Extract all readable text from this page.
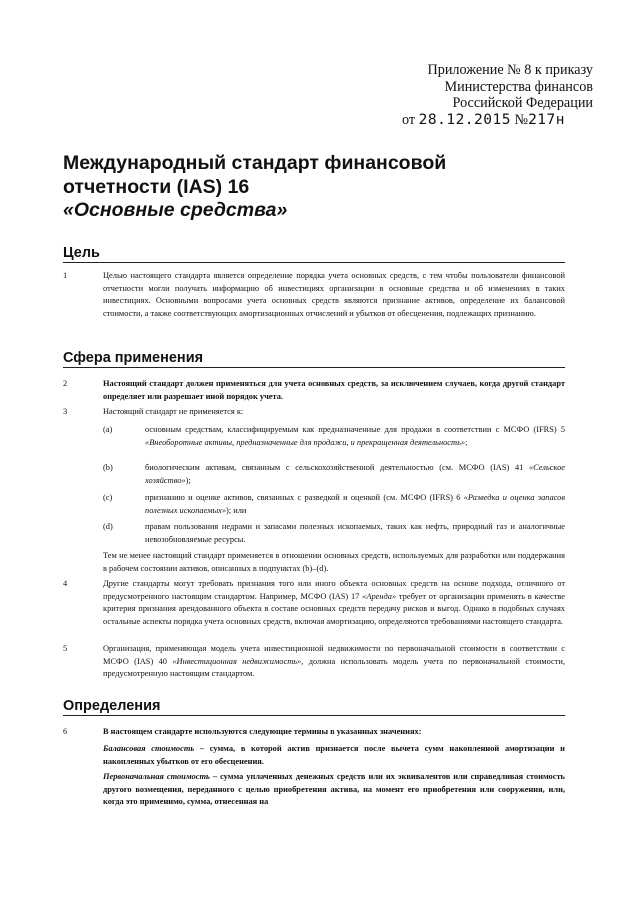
Приложение № 8 к приказу
Министерства финансов
Российской Федерации
от 28.12.2015 №217н
Международный стандарт финансовой
отчетности (IAS) 16
«Основные средства»
Цель
1	Целью настоящего стандарта является определение порядка учета основных средств, с тем чтобы пользователи финансовой отчетности могли получать информацию об инвестициях организации в основные средства и об изменениях в таких инвестициях. Основными вопросами учета основных средств являются признание активов, определение их балансовой стоимости, а также соответствующих амортизационных отчислений и убытков от обесценения, подлежащих признанию.
Сфера применения
2	Настоящий стандарт должен применяться для учета основных средств, за исключением случаев, когда другой стандарт определяет или разрешает иной порядок учета.
3	Настоящий стандарт не применяется к:
(a)	основным средствам, классифицируемым как предназначенные для продажи в соответствии с МСФО (IFRS) 5 «Внеоборотные активы, предназначенные для продажи, и прекращенная деятельность»;
(b)	биологическим активам, связанным с сельскохозяйственной деятельностью (см. МСФО (IAS) 41 «Сельское хозяйство»);
(c)	признанию и оценке активов, связанных с разведкой и оценкой (см. МСФО (IFRS) 6 «Разведка и оценка запасов полезных ископаемых»); или
(d)	правам пользования недрами и запасами полезных ископаемых, таких как нефть, природный газ и аналогичные невозобновляемые ресурсы.
Тем не менее настоящий стандарт применяется в отношении основных средств, используемых для разработки или поддержания в рабочем состоянии активов, описанных в подпунктах (b)–(d).
4	Другие стандарты могут требовать признания того или иного объекта основных средств на основе подхода, отличного от предусмотренного настоящим стандартом. Например, МСФО (IAS) 17 «Аренда» требует от организации применять в качестве критерия признания арендованного объекта в составе основных средств передачу рисков и выгод. Однако в подобных случаях остальные аспекты порядка учета основных средств, включая амортизацию, определяются требованиями настоящего стандарта.
5	Организация, применяющая модель учета инвестиционной недвижимости по первоначальной стоимости в соответствии с МСФО (IAS) 40 «Инвестиционная недвижимость», должна использовать модель учета по первоначальной стоимости, предусмотренную настоящим стандартом.
Определения
6	В настоящем стандарте используются следующие термины в указанных значениях:
Балансовая стоимость – сумма, в которой актив признается после вычета сумм накопленной амортизации и накопленных убытков от его обесценения.
Первоначальная стоимость – сумма уплаченных денежных средств или их эквивалентов или справедливая стоимость другого возмещения, переданного с целью приобретения актива, на момент его приобретения или сооружения, или, когда это применимо, сумма, отнесенная на
